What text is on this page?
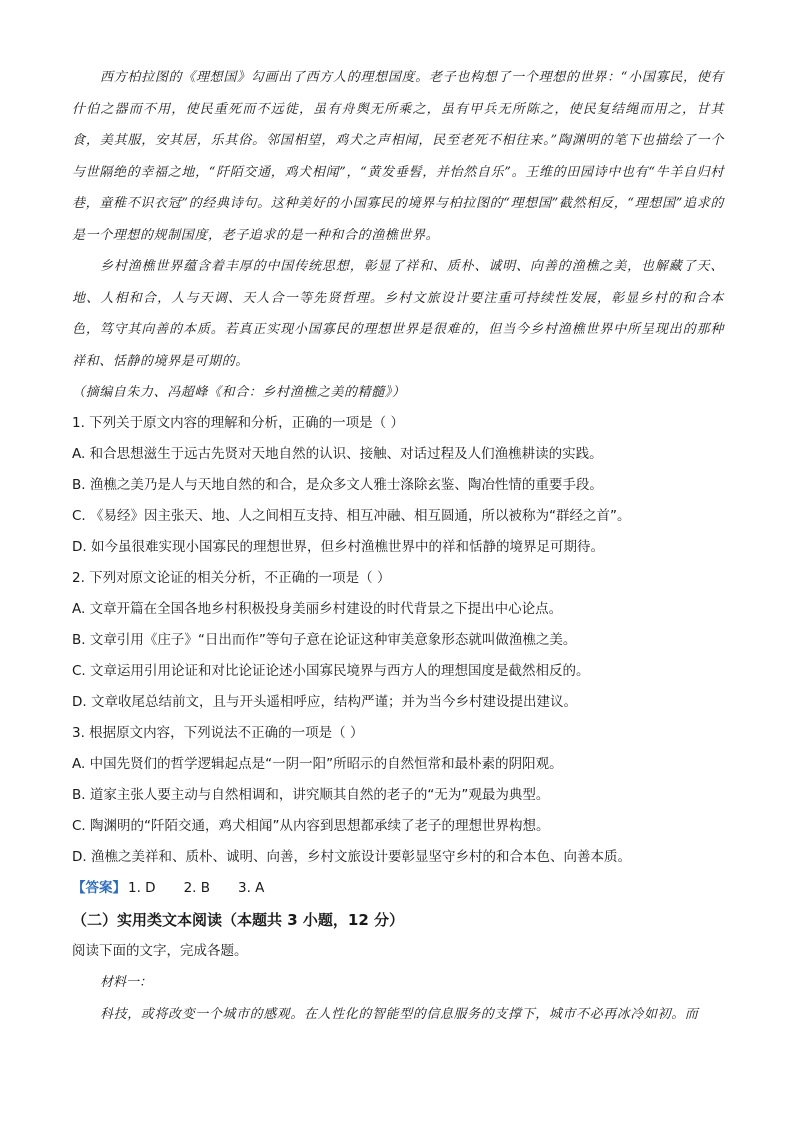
西方柏拉图的《理想国》勾画出了西方人的理想国度。老子也构想了一个理想的世界：“小国寡民，使有什伯之器而不用，使民重死而不远徙，虽有舟舆无所乘之，虽有甲兵无所陈之，使民复结绳而用之，甘其食，美其服，安其居，乐其俗。邻国相望，鸡犬之声相闻，民至老死不相往来。”陶渊明的笔下也描绘了一个与世隔绝的幸福之地，“阡陌交通，鸡犬相闻”，“黄发垂髫，并怡然自乐”。王维的田园诗中也有“牛羊自归村巷，童稚不识衣冠”的经典诗句。这种美好的小国寡民的境界与柏拉图的“理想国”截然相反，“理想国”追求的是一个理想的规制国度，老子追求的是一种和合的渔樵世界。

乡村渔樵世界蕴含着丰厚的中国传统思想，彰显了祥和、质朴、诚明、向善的渔樵之美，也解藏了天、地、人相和合，人与天调、天人合一等先贤哲理。乡村文旅设计要注重可持续性发展，彰显乡村的和合本色，笃守其向善的本质。若真正实现小国寡民的理想世界是很难的，但当今乡村渔樵世界中所呈现出的那种祥和、恬静的境界是可期的。

（摘编自朱力、冯超峰《和合：乡村渔樵之美的精髓》）

1. 下列关于原文内容的理解和分析，正确的一项是（ ）

A. 和合思想滋生于远古先贤对天地自然的认识、接触、对话过程及人们渔樵耕读的实践。

B. 渔樵之美乃是人与天地自然的和合，是众多文人雅士涤除玄鉴、陶冶性情的重要手段。

C. 《易经》因主张天、地、人之间相互支持、相互冲融、相互圆通，所以被称为“群经之首”。

D. 如今虽很难实现小国寡民的理想世界，但乡村渔樵世界中的祥和恬静的境界足可期待。

2. 下列对原文论证的相关分析，不正确的一项是（ ）

A. 文章开篇在全国各地乡村积极投身美丽乡村建设的时代背景之下提出中心论点。

B. 文章引用《庄子》“日出而作”等句子意在论证这种审美意象形态就叫做渔樵之美。

C. 文章运用引用论证和对比论证论述小国寡民境界与西方人的理想国度是截然相反的。

D. 文章收尾总结前文，且与开头遥相呼应，结构严谨；并为当今乡村建设提出建议。

3. 根据原文内容，下列说法不正确的一项是（ ）

A. 中国先贤们的哲学逻辑起点是“一阴一阳”所昭示的自然恒常和最朴素的阴阳观。

B. 道家主张人要主动与自然相调和，讲究顺其自然的老子的“无为”观最为典型。

C. 陶渊明的“阡陌交通，鸡犬相闻”从内容到思想都承续了老子的理想世界构想。

D. 渔樵之美祥和、质朴、诚明、向善，乡村文旅设计要彰显坚守乡村的和合本色、向善本质。

【答案】 1. D 2. B 3. A

（二）实用类文本阅读（本题共 3 小题，12 分）

阅读下面的文字，完成各题。

材料一：

科技，或将改变一个城市的感观。在人性化的智能型的信息服务的支撑下，城市不必再冰冷如初。而
